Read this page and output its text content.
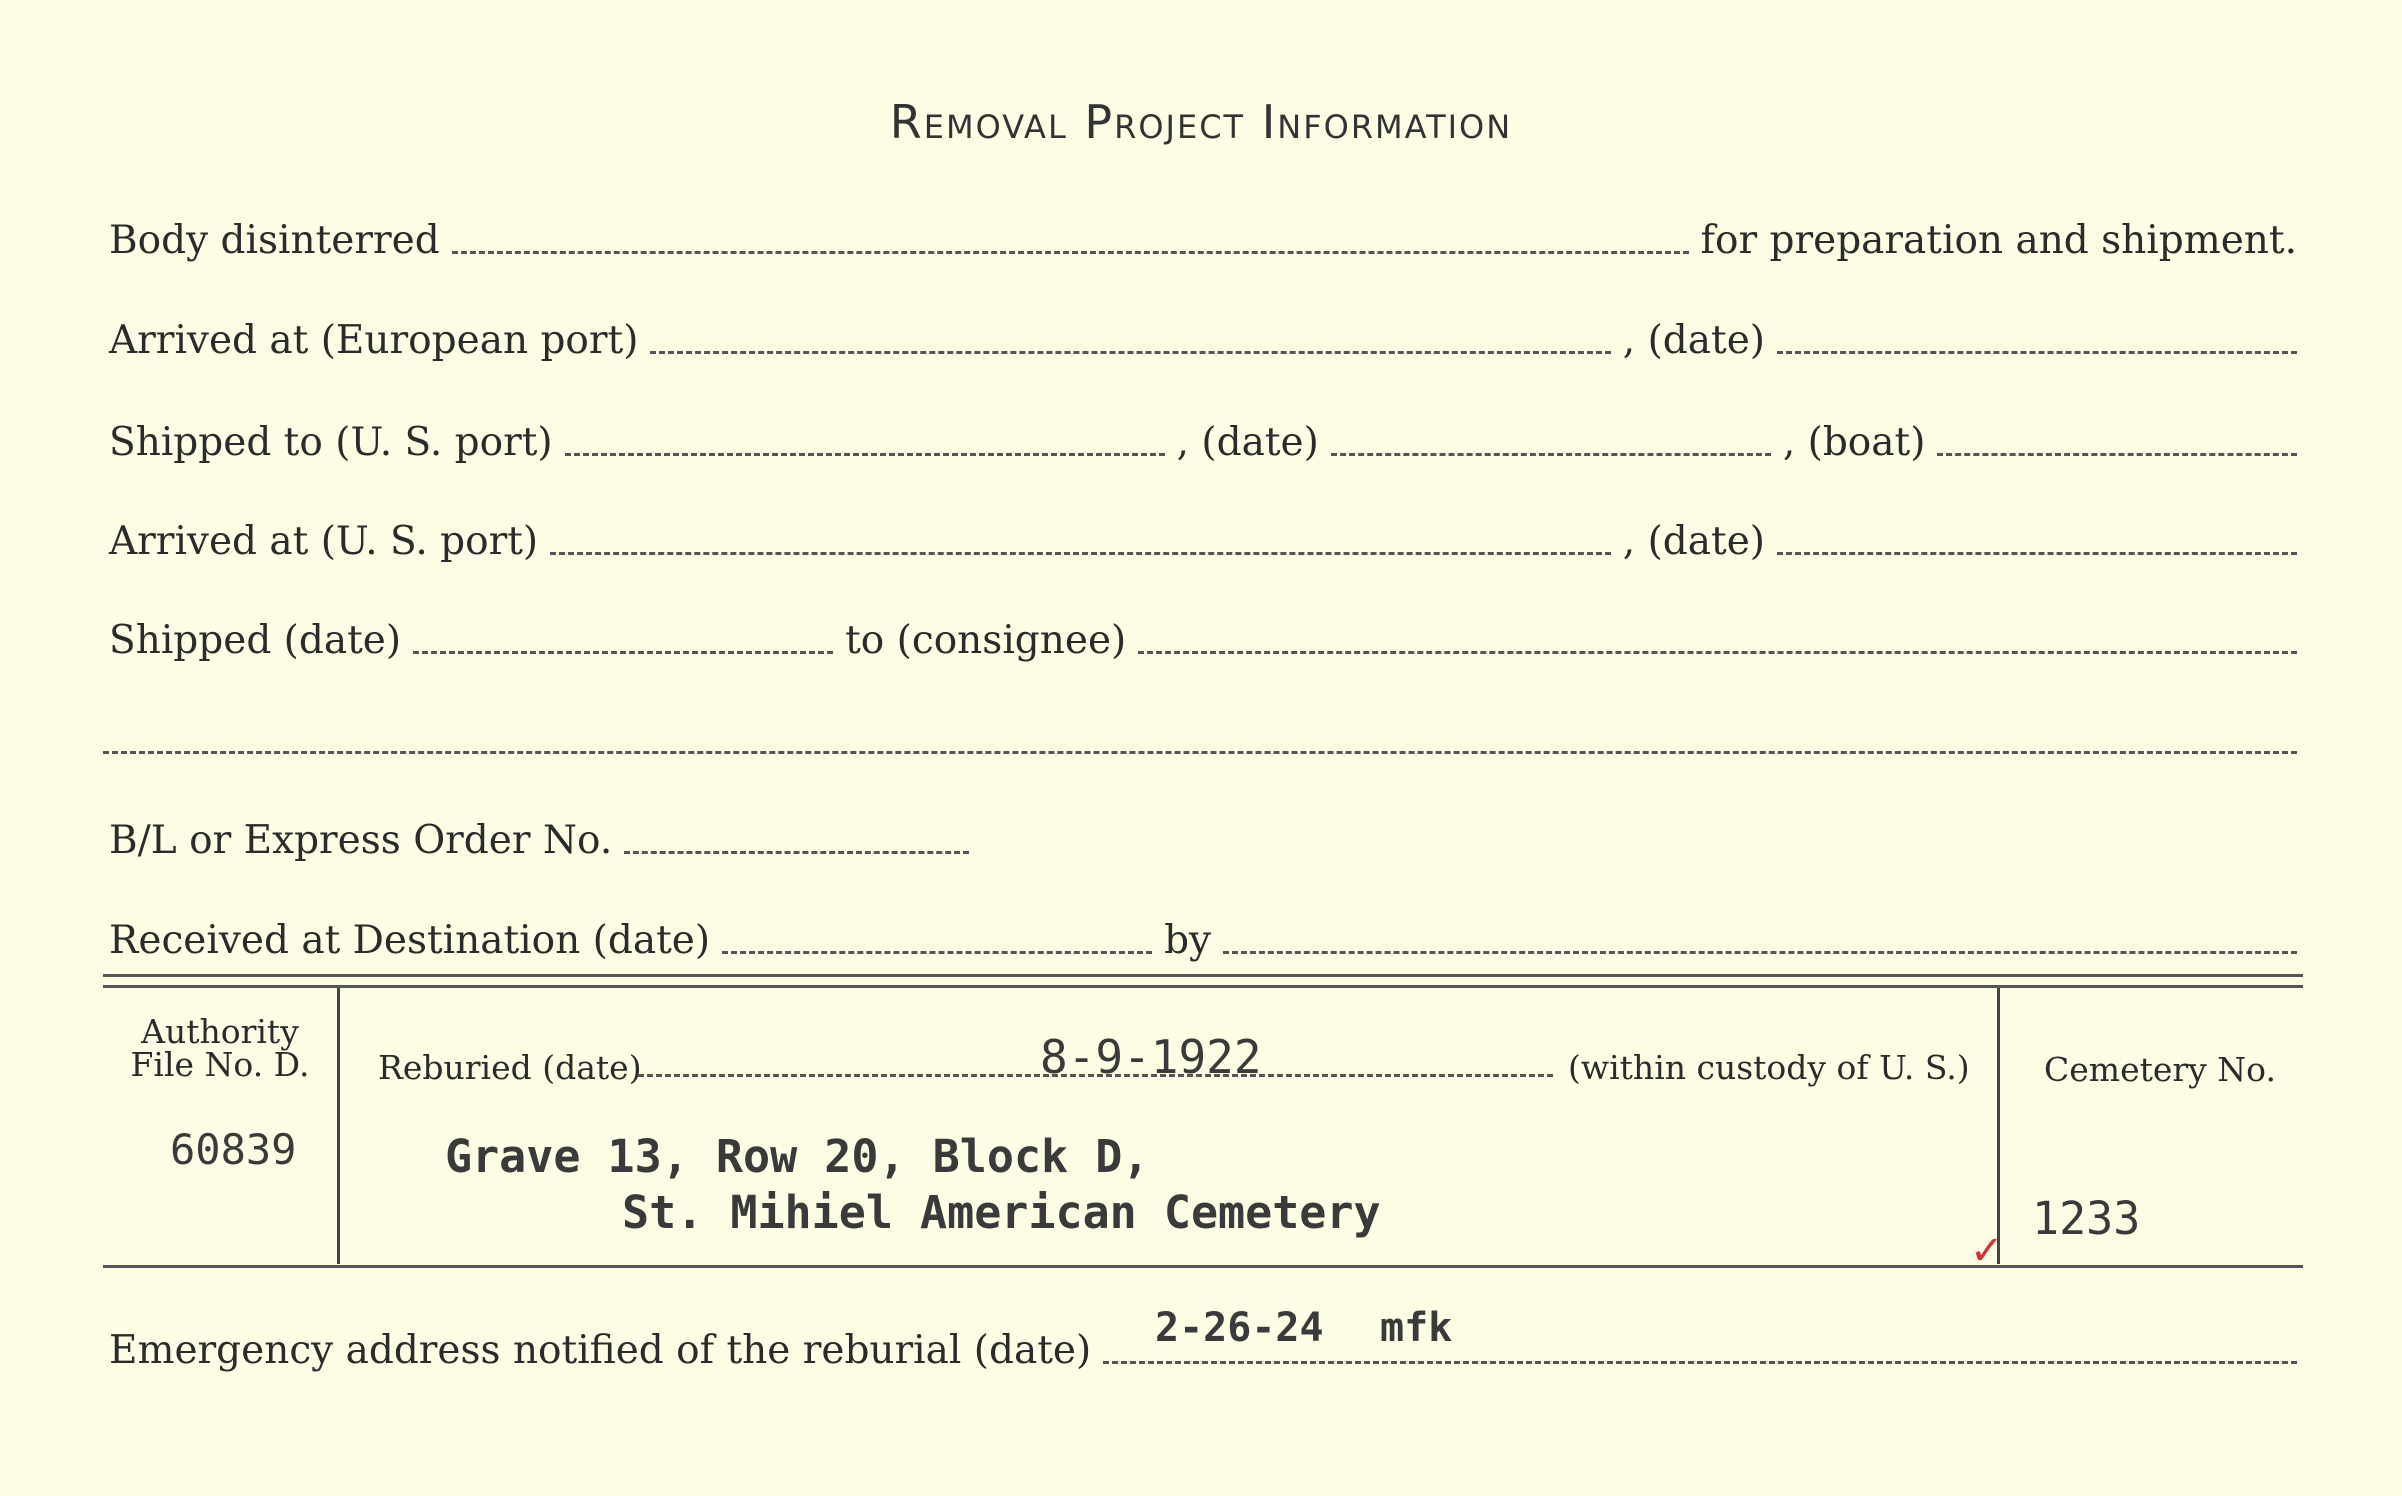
Removal Project Information
Body disinterred	for preparation and shipment.
Arrived at (European port)	, (date)
Shipped to (U. S. port)	, (date)	, (boat)
Arrived at (U. S. port)	, (date)
Shipped (date)	to (consignee)
B/L or Express Order No.
Received at Destination (date)	by
Authority
File No. D.
60839
Reburied (date)	8-9-1922	(within custody of U. S.)
Grave 13, Row 20, Block D,
St. Mihiel American Cemetery
Cemetery No.
1233
✓
Emergency address notified of the reburial (date) 2-26-24 mfk
